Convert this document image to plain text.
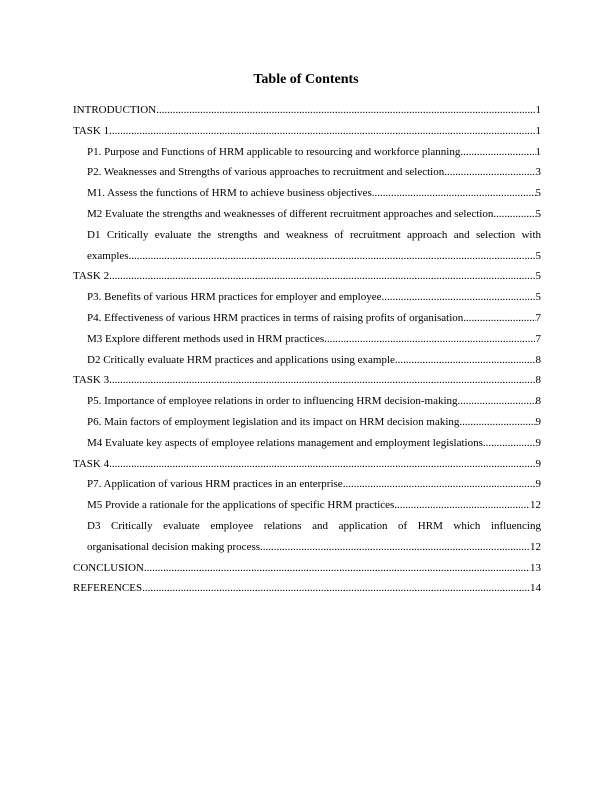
Table of Contents
INTRODUCTION .....	1
TASK 1 .....	1
P1. Purpose and Functions of HRM applicable to resourcing and workforce planning .....	1
P2. Weaknesses and Strengths of various approaches to recruitment and selection .....	3
M1. Assess the functions of HRM to achieve business objectives .....	5
M2 Evaluate the strengths and weaknesses of different recruitment approaches and selection. .....	5
D1 Critically evaluate the strengths and weakness of recruitment approach and selection with
examples .....	5
TASK 2 .....	5
P3. Benefits of various HRM practices for employer and employee .....	5
P4. Effectiveness of various HRM practices in terms of raising profits of organisation .....	7
M3 Explore different methods used in HRM practices .....	7
D2 Critically evaluate HRM practices and applications using example .....	8
TASK 3 .....	8
P5. Importance of employee relations in order to influencing HRM decision-making .....	8
P6. Main factors of employment legislation and its impact on HRM decision making .....	9
M4 Evaluate key aspects of employee relations management and employment legislations .....	9
TASK 4 .....	9
P7. Application of various HRM practices in an enterprise .....	9
M5 Provide a rationale for the applications of specific HRM practices .....	12
D3 Critically evaluate employee relations and application of HRM which influencing
organisational decision making process .....	12
CONCLUSION .....	13
REFERENCES .....	14
